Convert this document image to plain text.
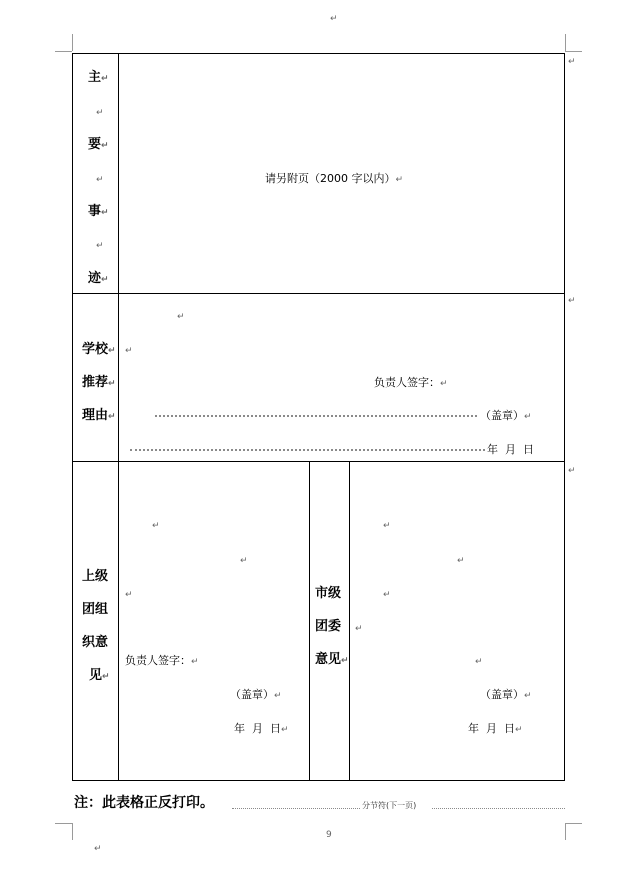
↵
↵
↵
↵
↵
主↵
↵
要↵
↵
事↵
↵
迹↵
请另附页（2000 字以内）↵
↵
学校↵
推荐↵
理由↵
↵
负责人签字：↵
（盖章）↵
年  月  日
上级
团组
织意
见↵
↵
↵
↵
负责人签字：↵
（盖章）↵
年  月  日↵
市级
团委
意见↵
↵
↵
↵
↵
↵
（盖章）↵
年  月  日↵
注：此表格正反打印。	分节符(下一页)
9
